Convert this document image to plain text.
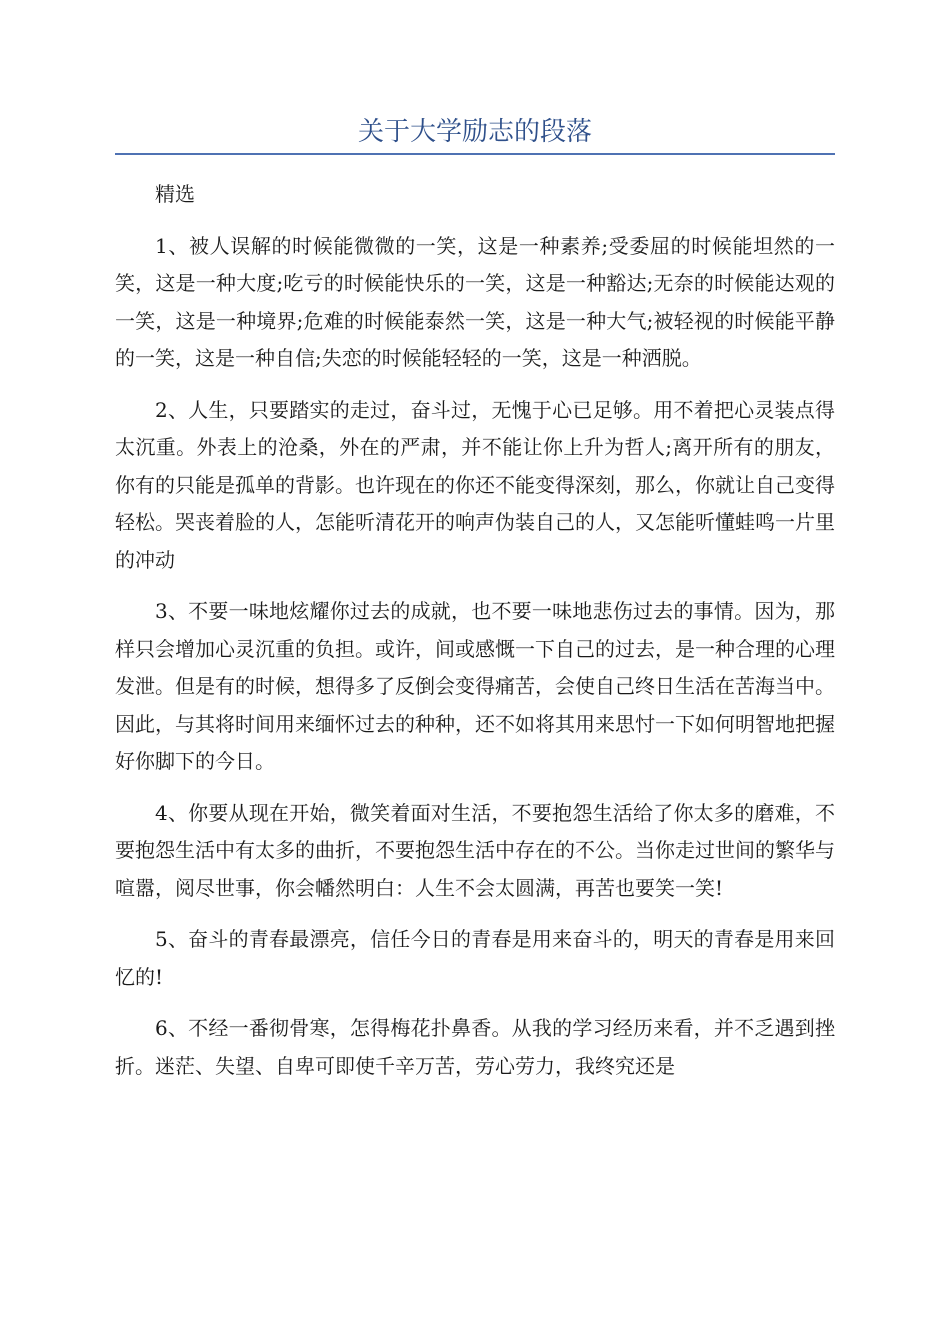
关于大学励志的段落

精选

1、被人误解的时候能微微的一笑，这是一种素养;受委屈的时候能坦然的一笑，这是一种大度;吃亏的时候能快乐的一笑，这是一种豁达;无奈的时候能达观的一笑，这是一种境界;危难的时候能泰然一笑，这是一种大气;被轻视的时候能平静的一笑，这是一种自信;失恋的时候能轻轻的一笑，这是一种洒脱。

2、人生，只要踏实的走过，奋斗过，无愧于心已足够。用不着把心灵装点得太沉重。外表上的沧桑，外在的严肃，并不能让你上升为哲人;离开所有的朋友，你有的只能是孤单的背影。也许现在的你还不能变得深刻，那么，你就让自己变得轻松。哭丧着脸的人，怎能听清花开的响声伪装自己的人，又怎能听懂蛙鸣一片里的冲动

3、不要一味地炫耀你过去的成就，也不要一味地悲伤过去的事情。因为，那样只会增加心灵沉重的负担。或许，间或感慨一下自己的过去，是一种合理的心理发泄。但是有的时候，想得多了反倒会变得痛苦，会使自己终日生活在苦海当中。因此，与其将时间用来缅怀过去的种种，还不如将其用来思忖一下如何明智地把握好你脚下的今日。

4、你要从现在开始，微笑着面对生活，不要抱怨生活给了你太多的磨难，不要抱怨生活中有太多的曲折，不要抱怨生活中存在的不公。当你走过世间的繁华与喧嚣，阅尽世事，你会幡然明白：人生不会太圆满，再苦也要笑一笑!

5、奋斗的青春最漂亮，信任今日的青春是用来奋斗的，明天的青春是用来回忆的!

6、不经一番彻骨寒，怎得梅花扑鼻香。从我的学习经历来看，并不乏遇到挫折。迷茫、失望、自卑可即使千辛万苦，劳心劳力，我终究还是
